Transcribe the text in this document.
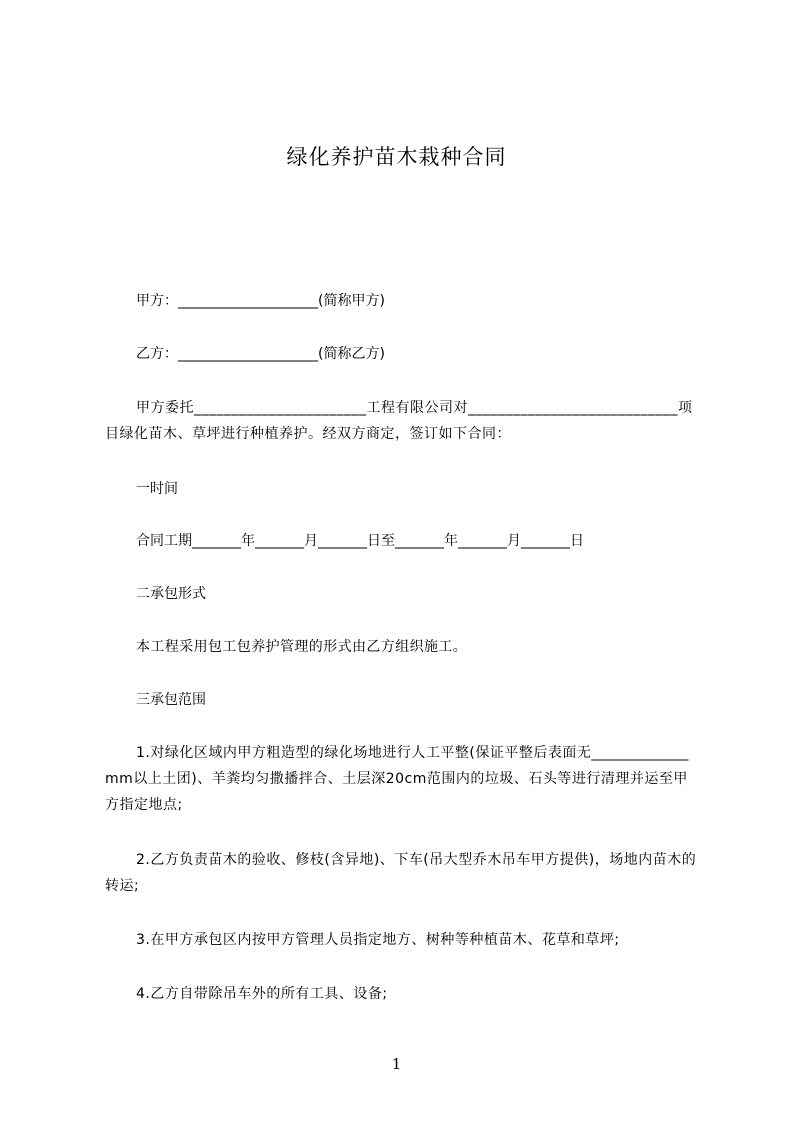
绿化养护苗木栽种合同

甲方：____________________(简称甲方)

乙方：____________________(简称乙方)

甲方委托_______________________工程有限公司对____________________________项目绿化苗木、草坪进行种植养护。经双方商定，签订如下合同：

一时间

合同工期_______年_______月_______日至_______年_______月_______日

二承包形式

本工程采用包工包养护管理的形式由乙方组织施工。

三承包范围

1.对绿化区域内甲方粗造型的绿化场地进行人工平整(保证平整后表面无_____________mm以上土团)、羊粪均匀撒播拌合、土层深20cm范围内的垃圾、石头等进行清理并运至甲方指定地点;

2.乙方负责苗木的验收、修枝(含异地)、下车(吊大型乔木吊车甲方提供)，场地内苗木的转运;

3.在甲方承包区内按甲方管理人员指定地方、树种等种植苗木、花草和草坪;

4.乙方自带除吊车外的所有工具、设备;

1
